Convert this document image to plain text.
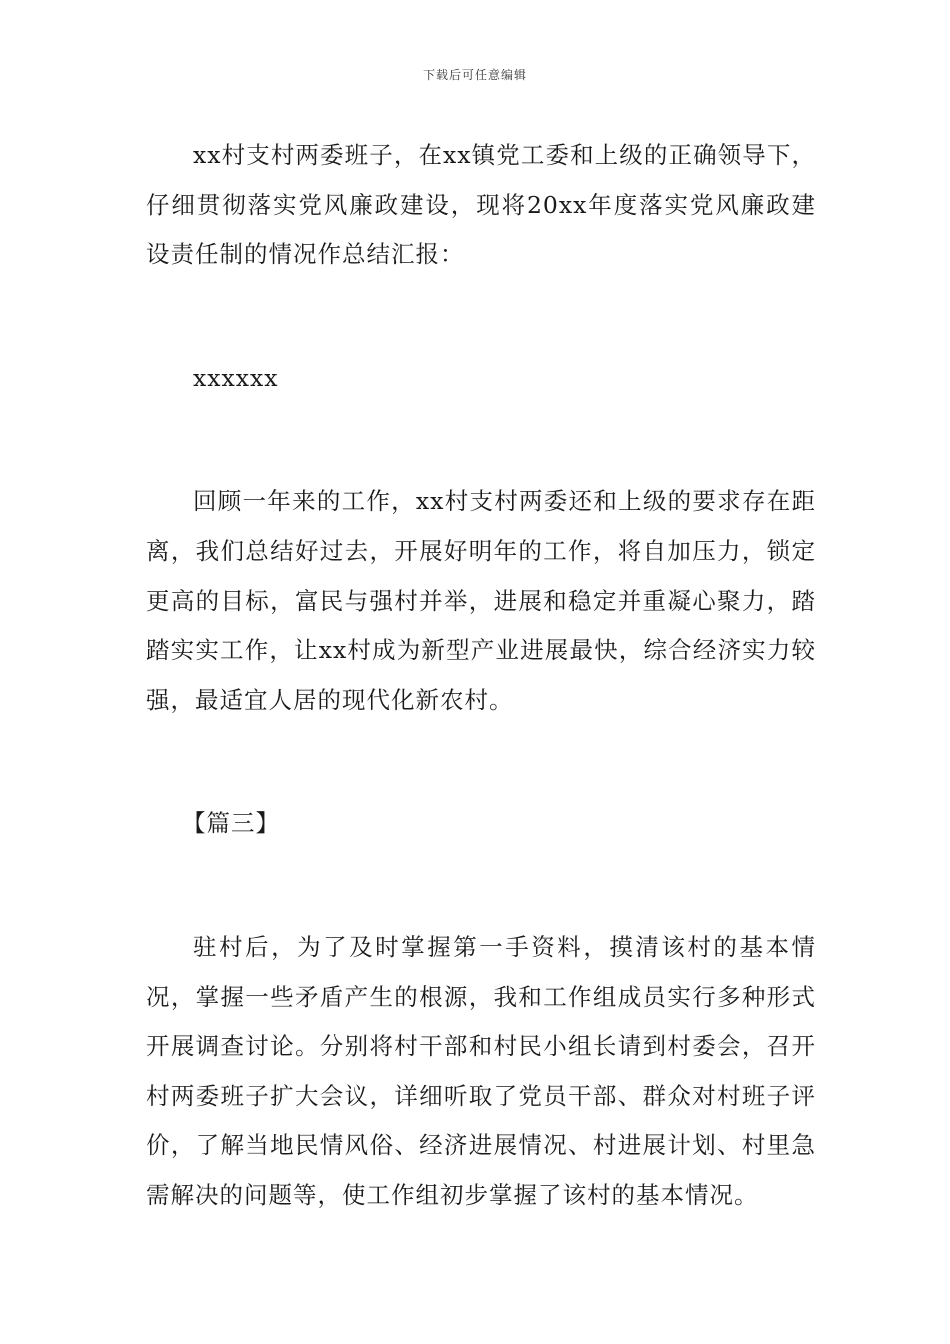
下载后可任意编辑

xx村支村两委班子，在xx镇党工委和上级的正确领导下，仔细贯彻落实党风廉政建设，现将20xx年度落实党风廉政建设责任制的情况作总结汇报：

xxxxxx

回顾一年来的工作，xx村支村两委还和上级的要求存在距离，我们总结好过去，开展好明年的工作，将自加压力，锁定更高的目标，富民与强村并举，进展和稳定并重凝心聚力，踏踏实实工作，让xx村成为新型产业进展最快，综合经济实力较强，最适宜人居的现代化新农村。

【篇三】

驻村后，为了及时掌握第一手资料，摸清该村的基本情况，掌握一些矛盾产生的根源，我和工作组成员实行多种形式开展调查讨论。分别将村干部和村民小组长请到村委会，召开村两委班子扩大会议，详细听取了党员干部、群众对村班子评价，了解当地民情风俗、经济进展情况、村进展计划、村里急需解决的问题等，使工作组初步掌握了该村的基本情况。
